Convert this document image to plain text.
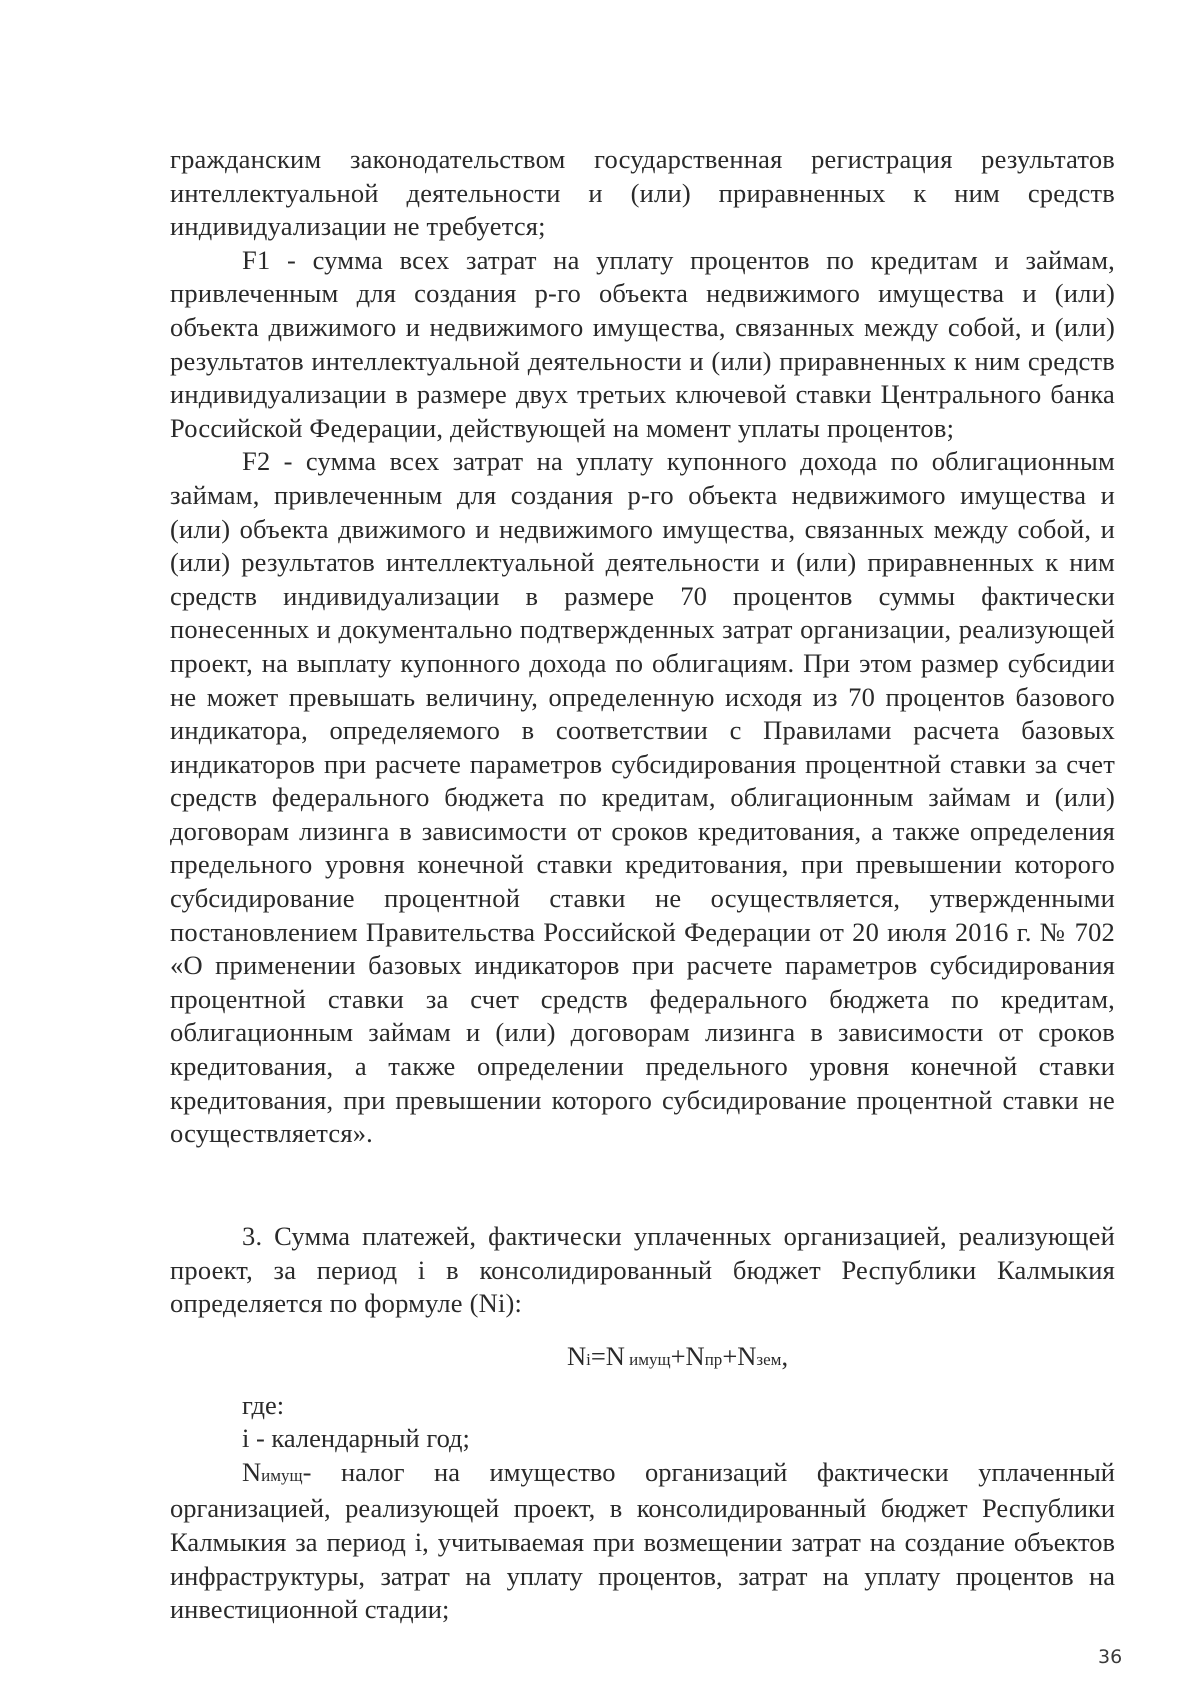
гражданским законодательством государственная регистрация результатов интеллектуальной деятельности и (или) приравненных к ним средств индивидуализации не требуется;

F1 - сумма всех затрат на уплату процентов по кредитам и займам, привлеченным для создания р-го объекта недвижимого имущества и (или) объекта движимого и недвижимого имущества, связанных между собой, и (или) результатов интеллектуальной деятельности и (или) приравненных к ним средств индивидуализации в размере двух третьих ключевой ставки Центрального банка Российской Федерации, действующей на момент уплаты процентов;

F2 - сумма всех затрат на уплату купонного дохода по облигационным займам, привлеченным для создания р-го объекта недвижимого имущества и (или) объекта движимого и недвижимого имущества, связанных между собой, и (или) результатов интеллектуальной деятельности и (или) приравненных к ним средств индивидуализации в размере 70 процентов суммы фактически понесенных и документально подтвержденных затрат организации, реализующей проект, на выплату купонного дохода по облигациям. При этом размер субсидии не может превышать величину, определенную исходя из 70 процентов базового индикатора, определяемого в соответствии с Правилами расчета базовых индикаторов при расчете параметров субсидирования процентной ставки за счет средств федерального бюджета по кредитам, облигационным займам и (или) договорам лизинга в зависимости от сроков кредитования, а также определения предельного уровня конечной ставки кредитования, при превышении которого субсидирование процентной ставки не осуществляется, утвержденными постановлением Правительства Российской Федерации от 20 июля 2016 г. № 702 «О применении базовых индикаторов при расчете параметров субсидирования процентной ставки за счет средств федерального бюджета по кредитам, облигационным займам и (или) договорам лизинга в зависимости от сроков кредитования, а также определении предельного уровня конечной ставки кредитования, при превышении которого субсидирование процентной ставки не осуществляется».

3. Сумма платежей, фактически уплаченных организацией, реализующей проект, за период i в консолидированный бюджет Республики Калмыкия определяется по формуле (Ni):

Ni=N имущ+Nпр+Nзем,

где:

i - календарный год;

Nимущ- налог на имущество организаций фактически уплаченный организацией, реализующей проект, в консолидированный бюджет Республики Калмыкия за период i, учитываемая при возмещении затрат на создание объектов инфраструктуры, затрат на уплату процентов, затрат на уплату процентов на инвестиционной стадии;

36
